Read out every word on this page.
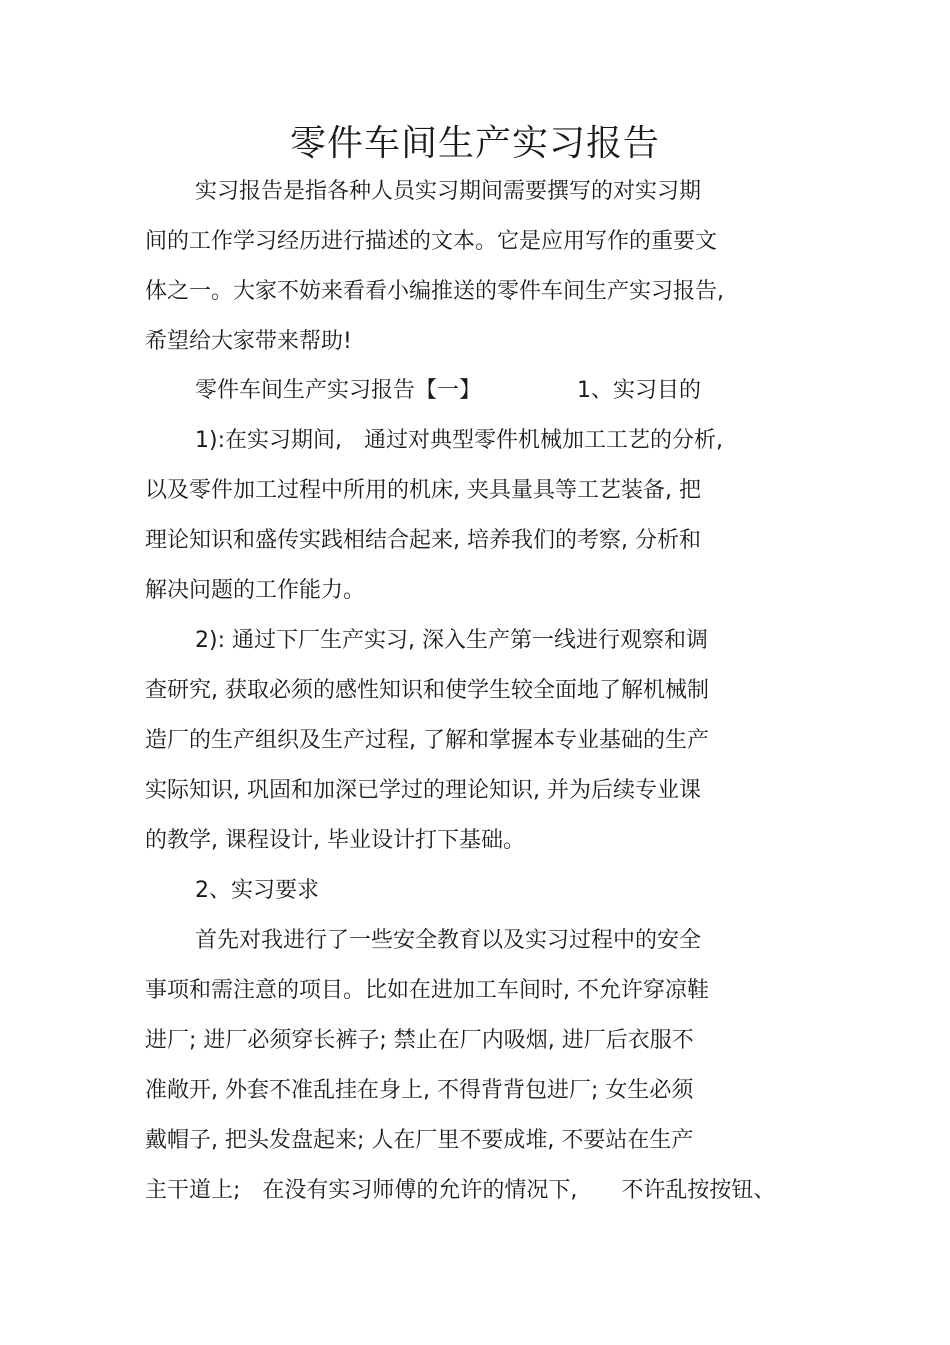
零件车间生产实习报告
实习报告是指各种人员实习期间需要撰写的对实习期
间的工作学习经历进行描述的文本。它是应用写作的重要文
体之一。大家不妨来看看小编推送的零件车间生产实习报告,
希望给大家带来帮助!
零件车间生产实习报告【一】	1、实习目的
1):在实习期间, 通过对典型零件机械加工工艺的分析,
以及零件加工过程中所用的机床, 夹具量具等工艺装备, 把
理论知识和盛传实践相结合起来, 培养我们的考察, 分析和
解决问题的工作能力。
2): 通过下厂生产实习, 深入生产第一线进行观察和调
查研究, 获取必须的感性知识和使学生较全面地了解机械制
造厂的生产组织及生产过程, 了解和掌握本专业基础的生产
实际知识, 巩固和加深已学过的理论知识, 并为后续专业课
的教学, 课程设计, 毕业设计打下基础。
2、实习要求
首先对我进行了一些安全教育以及实习过程中的安全
事项和需注意的项目。比如在进加工车间时, 不允许穿凉鞋
进厂; 进厂必须穿长裤子; 禁止在厂内吸烟, 进厂后衣服不
准敞开, 外套不准乱挂在身上, 不得背背包进厂; 女生必须
戴帽子, 把头发盘起来; 人在厂里不要成堆, 不要站在生产
主干道上; 在没有实习师傅的允许的情况下, 不许乱按按钮、
